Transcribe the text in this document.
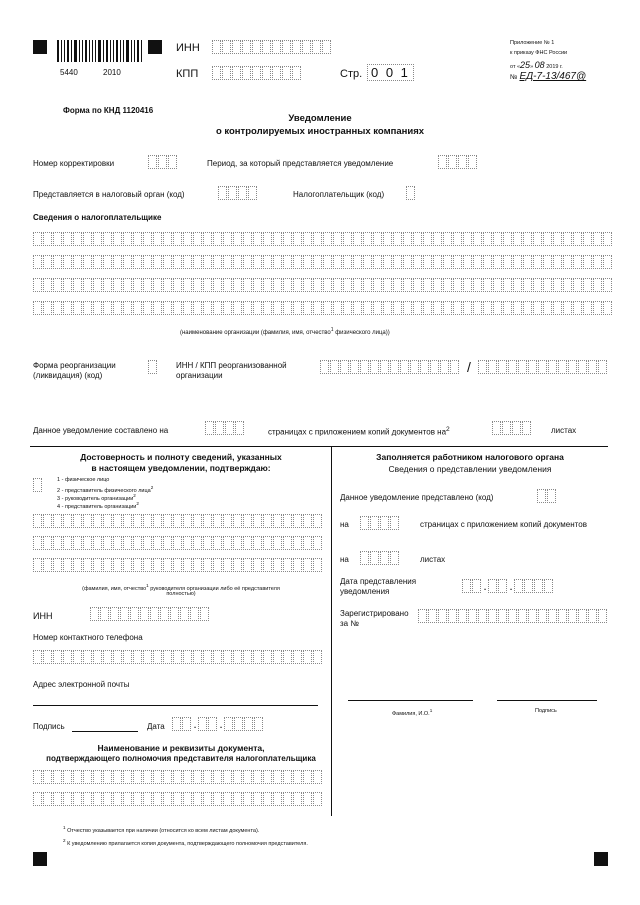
5440	2010
ИНН
КПП	Стр. 0 0 1
Приложение № 1
к приказу ФНС России
от «25» 08 2019 г.
№ ЕД-7-13/467@
Форма по КНД 1120416
Уведомление
о контролируемых иностранных компаниях
Номер корректировки	Период, за который представляется уведомление
Представляется в налоговый орган (код)	Налогоплательщик (код)
Сведения о налогоплательщике
(наименование организации (фамилия, имя, отчество$^1$ физического лица))
Форма реорганизации
(ликвидация) (код)
ИНН / КПП реорганизованной
организации
/
Данное уведомление составлено на	страницах с приложением копий документов $на^2$	листах
Достоверность и полноту сведений, указанных
в настоящем уведомлении, подтверждаю:
1 - физическое лицо
2 - представитель физического лица$^2$
3 - руководитель организации$^2$
4 - представитель организации$^2$
(фамилия, имя, отчество$^1$ руководителя организации либо её представителя
полностью)
ИНН
Номер контактного телефона
Адрес электронной почты
Подпись	Дата	. .
Наименование и реквизиты документа,
подтверждающего полномочия представителя налогоплательщика
Заполняется работником налогового органа
Сведения о представлении уведомления
Данное уведомление представлено (код)
на	страницах с приложением копий документов
на	листах
Дата представления
уведомления	. .
Зарегистрировано
за №
Фамилия, И.О.$^1$	Подпись
$^1$ Отчество указывается при наличии (относится ко всем листам документа).
$^2$ К уведомлению прилагается копия документа, подтверждающего полномочия представителя.
